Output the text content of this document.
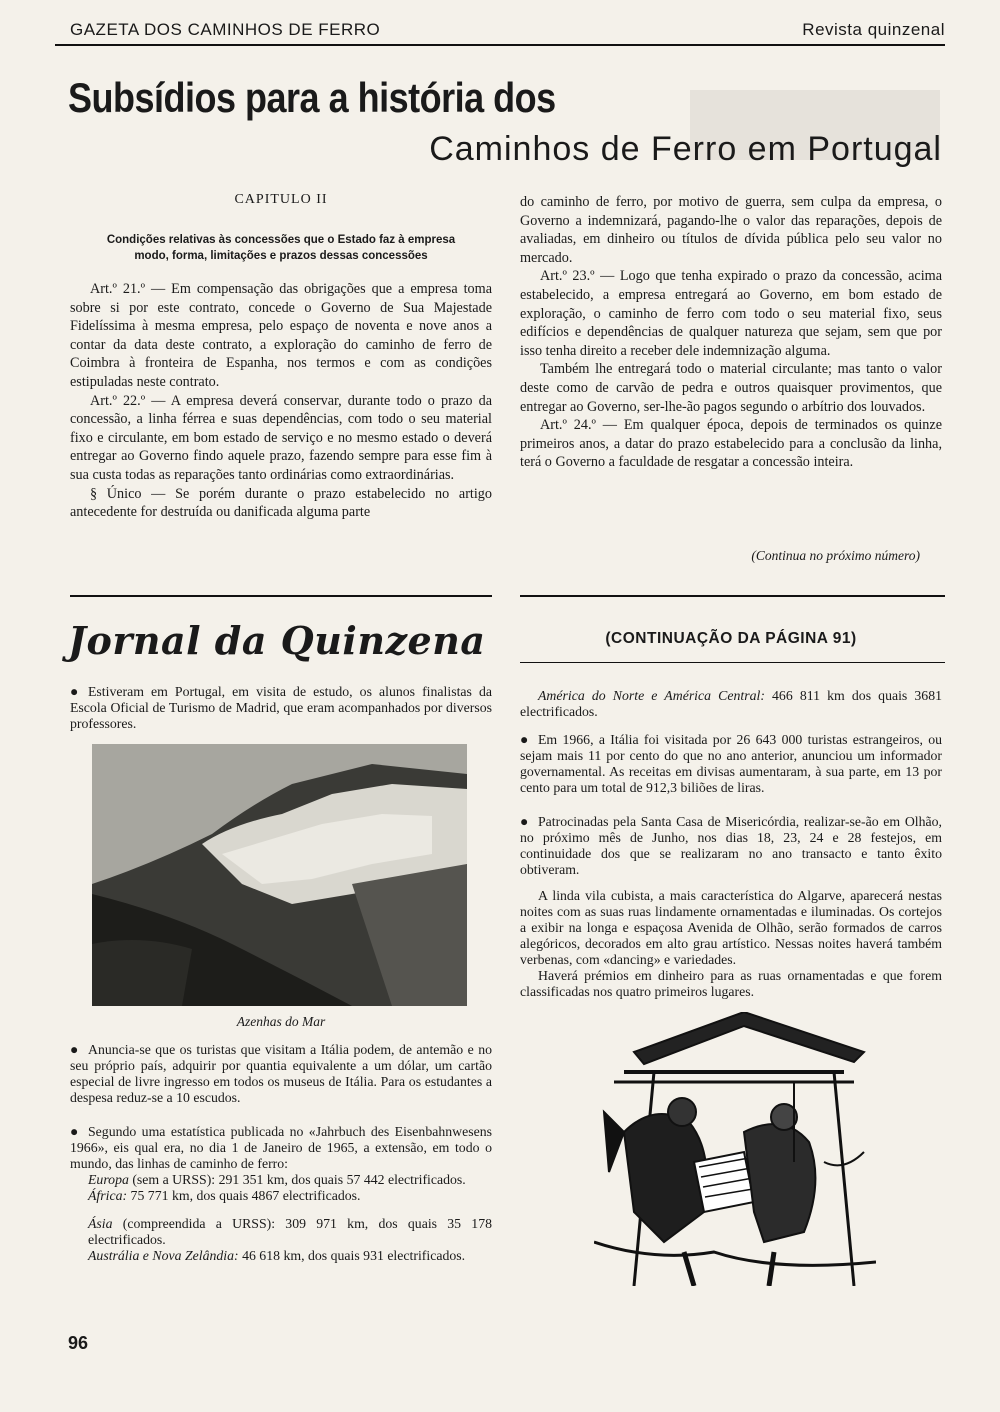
GAZETA DOS CAMINHOS DE FERRO	Revista quinzenal
Subsídios para a história dos
Caminhos de Ferro em Portugal
CAPITULO II
Condições relativas às concessões que o Estado faz à empresa
modo, forma, limitações e prazos dessas concessões

Art.º 21.º — Em compensação das obrigações que a empresa toma sobre si por este contrato, concede o Governo de Sua Majestade Fidelíssima à mesma empresa, pelo espaço de noventa e nove anos a contar da data deste contrato, a exploração do caminho de ferro de Coimbra à fronteira de Espanha, nos termos e com as condições estipuladas neste contrato.

Art.º 22.º — A empresa deverá conservar, durante todo o prazo da concessão, a linha férrea e suas dependências, com todo o seu material fixo e circulante, em bom estado de serviço e no mesmo estado o deverá entregar ao Governo findo aquele prazo, fazendo sempre para esse fim à sua custa todas as reparações tanto ordinárias como extraordinárias.

§ Único — Se porém durante o prazo estabelecido no artigo antecedente for destruída ou danificada alguma parte

do caminho de ferro, por motivo de guerra, sem culpa da empresa, o Governo a indemnizará, pagando-lhe o valor das reparações, depois de avaliadas, em dinheiro ou títulos de dívida pública pelo seu valor no mercado.

Art.º 23.º — Logo que tenha expirado o prazo da concessão, acima estabelecido, a empresa entregará ao Governo, em bom estado de exploração, o caminho de ferro com todo o seu material fixo, seus edifícios e dependências de qualquer natureza que sejam, sem que por isso tenha direito a receber dele indemnização alguma.

Também lhe entregará todo o material circulante; mas tanto o valor deste como de carvão de pedra e outros quaisquer provimentos, que entregar ao Governo, ser-lhe-ão pagos segundo o arbítrio dos louvados.

Art.º 24.º — Em qualquer época, depois de terminados os quinze primeiros anos, a datar do prazo estabelecido para a conclusão da linha, terá o Governo a faculdade de resgatar a concessão inteira.

(Continua no próximo número)
Jornal da Quinzena	(CONTINUAÇÃO DA PÁGINA 91)

● Estiveram em Portugal, em visita de estudo, os alunos finalistas da Escola Oficial de Turismo de Madrid, que eram acompanhados por diversos professores.

Azenhas do Mar

● Anuncia-se que os turistas que visitam a Itália podem, de antemão e no seu próprio país, adquirir por quantia equivalente a um dólar, um cartão especial de livre ingresso em todos os museus de Itália. Para os estudantes a despesa reduz-se a 10 escudos.

● Segundo uma estatística publicada no «Jahrbuch des Eisenbahnwesens 1966», eis qual era, no dia 1 de Janeiro de 1965, a extensão, em todo o mundo, das linhas de caminho de ferro:

Europa (sem a URSS): 291 351 km, dos quais 57 442 electrificados.

África: 75 771 km, dos quais 4867 electrificados.

Ásia (compreendida a URSS): 309 971 km, dos quais 35 178 electrificados.

Austrália e Nova Zelândia: 46 618 km, dos quais 931 electrificados.

América do Norte e América Central: 466 811 km dos quais 3681 electrificados.

● Em 1966, a Itália foi visitada por 26 643 000 turistas estrangeiros, ou sejam mais 11 por cento do que no ano anterior, anunciou um informador governamental. As receitas em divisas aumentaram, à sua parte, em 13 por cento para um total de 912,3 biliões de liras.

● Patrocinadas pela Santa Casa de Misericórdia, realizar-se-ão em Olhão, no próximo mês de Junho, nos dias 18, 23, 24 e 28 festejos, em continuidade dos que se realizaram no ano transacto e tanto êxito obtiveram.

A linda vila cubista, a mais característica do Algarve, aparecerá nestas noites com as suas ruas lindamente ornamentadas e iluminadas. Os cortejos a exibir na longa e espaçosa Avenida de Olhão, serão formados de carros alegóricos, decorados em alto grau artístico. Nessas noites haverá também verbenas, com «dancing» e variedades.

Haverá prémios em dinheiro para as ruas ornamentadas e que forem classificadas nos quatro primeiros lugares.

96
